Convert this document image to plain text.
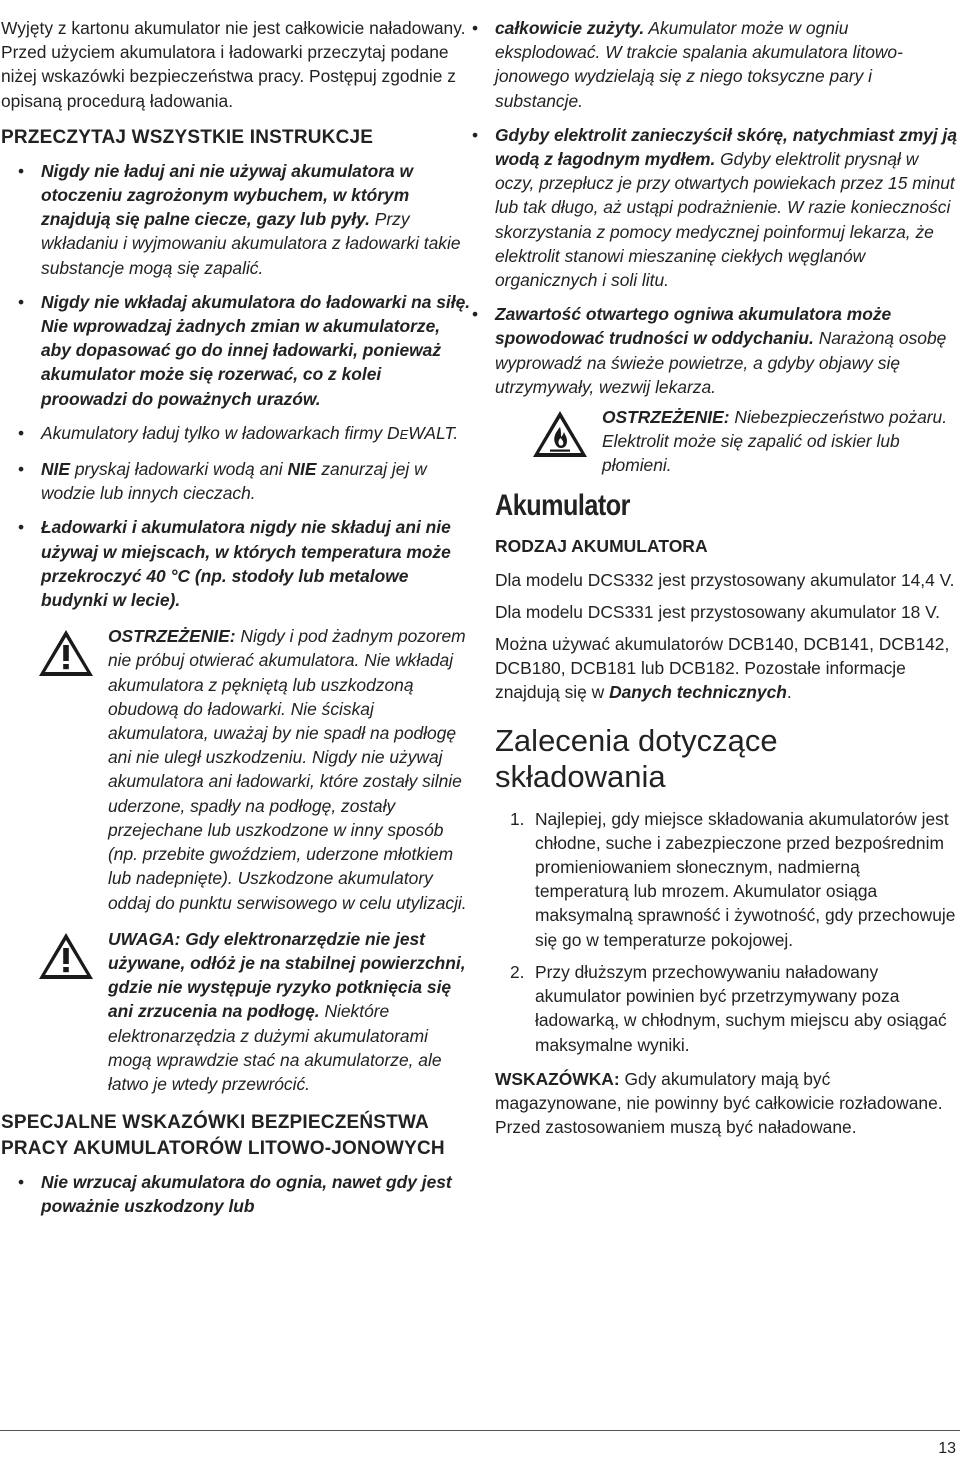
Wyjęty z kartonu akumulator nie jest całkowicie naładowany. Przed użyciem akumulatora i ładowarki przeczytaj podane niżej wskazówki bezpieczeństwa pracy. Postępuj zgodnie z opisaną procedurą ładowania.

PRZECZYTAJ WSZYSTKIE INSTRUKCJE

• Nigdy nie ładuj ani nie używaj akumulatora w otoczeniu zagrożonym wybuchem, w którym znajdują się palne ciecze, gazy lub pyły. Przy wkładaniu i wyjmowaniu akumulatora z ładowarki takie substancje mogą się zapalić.
• Nigdy nie wkładaj akumulatora do ładowarki na siłę. Nie wprowadzaj żadnych zmian w akumulatorze, aby dopasować go do innej ładowarki, ponieważ akumulator może się rozerwać, co z kolei proowadzi do poważnych urazów.
• Akumulatory ładuj tylko w ładowarkach firmy DEWALT.
• NIE pryskaj ładowarki wodą ani NIE zanurzaj jej w wodzie lub innych cieczach.
• Ładowarki i akumulatora nigdy nie składuj ani nie używaj w miejscach, w których temperatura może przekroczyć 40 °C (np. stodoły lub metalowe budynki w lecie).
OSTRZEŻENIE: Nigdy i pod żadnym pozorem nie próbuj otwierać akumulatora. Nie wkładaj akumulatora z pękniętą lub uszkodzoną obudową do ładowarki. Nie ściskaj akumulatora, uważaj by nie spadł na podłogę ani nie uległ uszkodzeniu. Nigdy nie używaj akumulatora ani ładowarki, które zostały silnie uderzone, spadły na podłogę, zostały przejechane lub uszkodzone w inny sposób (np. przebite gwoździem, uderzone młotkiem lub nadepnięte). Uszkodzone akumulatory oddaj do punktu serwisowego w celu utylizacji.
UWAGA: Gdy elektronarzędzie nie jest używane, odłóż je na stabilnej powierzchni, gdzie nie występuje ryzyko potknięcia się ani zrzucenia na podłogę. Niektóre elektronarzędzia z dużymi akumulatorami mogą wprawdzie stać na akumulatorze, ale łatwo je wtedy przewrócić.

SPECJALNE WSKAZÓWKI BEZPIECZEŃSTWA PRACY AKUMULATORÓW LITOWO-JONOWYCH

• Nie wrzucaj akumulatora do ognia, nawet gdy jest poważnie uszkodzony lub
• całkowicie zużyty. Akumulator może w ogniu eksplodować. W trakcie spalania akumulatora litowo-jonowego wydzielają się z niego toksyczne pary i substancje.
• Gdyby elektrolit zanieczyścił skórę, natychmiast zmyj ją wodą z łagodnym mydłem. Gdyby elektrolit prysnął w oczy, przepłucz je przy otwartych powiekach przez 15 minut lub tak długo, aż ustąpi podrażnienie. W razie konieczności skorzystania z pomocy medycznej poinformuj lekarza, że elektrolit stanowi mieszaninę ciekłych węglanów organicznych i soli litu.
• Zawartość otwartego ogniwa akumulatora może spowodować trudności w oddychaniu. Narażoną osobę wyprowadź na świeże powietrze, a gdyby objawy się utrzymywały, wezwij lekarza.
OSTRZEŻENIE: Niebezpieczeństwo pożaru. Elektrolit może się zapalić od iskier lub płomieni.

Akumulator

RODZAJ AKUMULATORA

Dla modelu DCS332 jest przystosowany akumulator 14,4 V.

Dla modelu DCS331 jest przystosowany akumulator 18 V.

Można używać akumulatorów DCB140, DCB141, DCB142, DCB180, DCB181 lub DCB182. Pozostałe informacje znajdują się w Danych technicznych.

Zalecenia dotyczące składowania

1. Najlepiej, gdy miejsce składowania akumulatorów jest chłodne, suche i zabezpieczone przed bezpośrednim promieniowaniem słonecznym, nadmierną temperaturą lub mrozem. Akumulator osiąga maksymalną sprawność i żywotność, gdy przechowuje się go w temperaturze pokojowej.
2. Przy dłuższym przechowywaniu naładowany akumulator powinien być przetrzymywany poza ładowarką, w chłodnym, suchym miejscu aby osiągać maksymalne wyniki.

WSKAZÓWKA: Gdy akumulatory mają być magazynowane, nie powinny być całkowicie rozładowane. Przed zastosowaniem muszą być naładowane.

13
